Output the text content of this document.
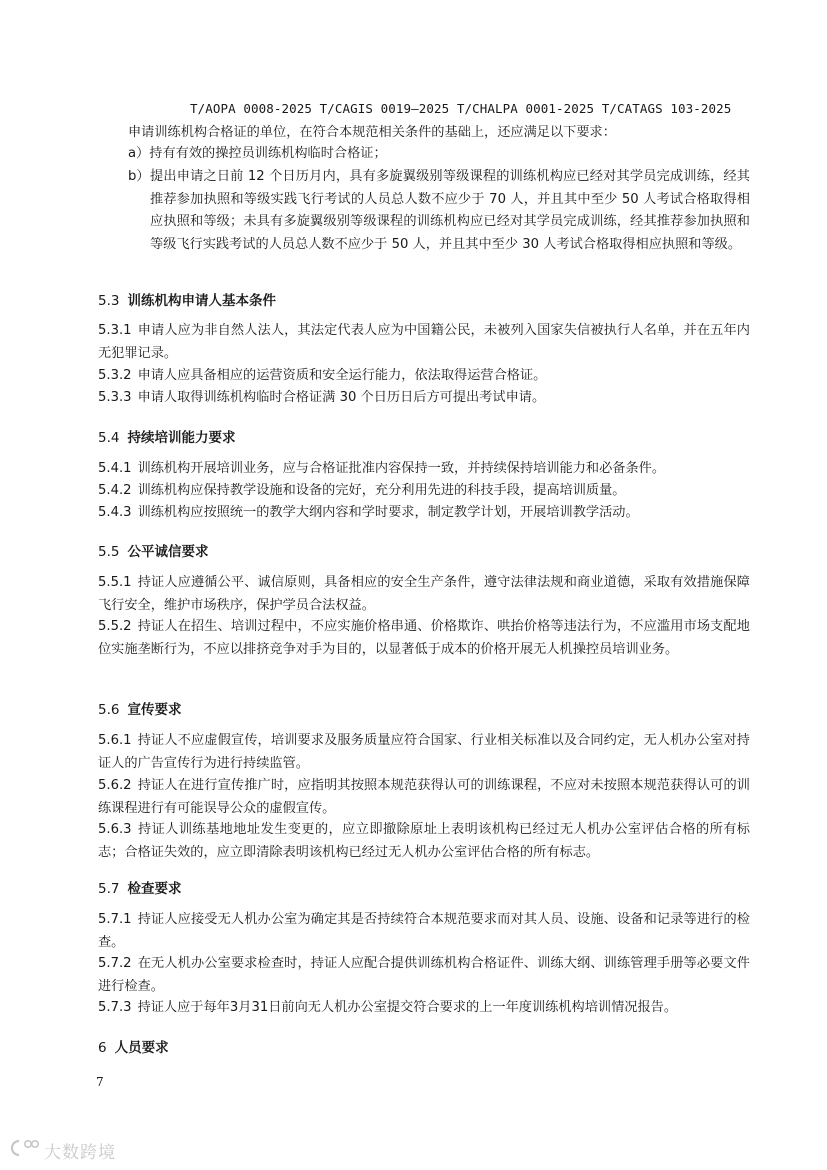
T/AOPA 0008-2025 T/CAGIS 0019—2025 T/CHALPA 0001-2025 T/CATAGS 103-2025
申请训练机构合格证的单位，在符合本规范相关条件的基础上，还应满足以下要求：
a）持有有效的操控员训练机构临时合格证；
b） 提出申请之日前 12 个日历月内，具有多旋翼级别等级课程的训练机构应已经对其学员完成训练，经其推荐参加执照和等级实践飞行考试的人员总人数不应少于 70 人，并且其中至少 50 人考试合格取得相应执照和等级；未具有多旋翼级别等级课程的训练机构应已经对其学员完成训练，经其推荐参加执照和等级飞行实践考试的人员总人数不应少于 50 人，并且其中至少 30 人考试合格取得相应执照和等级。
5.3 训练机构申请人基本条件
5.3.1 申请人应为非自然人法人，其法定代表人应为中国籍公民，未被列入国家失信被执行人名单，并在五年内无犯罪记录。
5.3.2 申请人应具备相应的运营资质和安全运行能力，依法取得运营合格证。
5.3.3 申请人取得训练机构临时合格证满 30 个日历日后方可提出考试申请。
5.4 持续培训能力要求
5.4.1 训练机构开展培训业务，应与合格证批准内容保持一致，并持续保持培训能力和必备条件。
5.4.2 训练机构应保持教学设施和设备的完好，充分利用先进的科技手段，提高培训质量。
5.4.3 训练机构应按照统一的教学大纲内容和学时要求，制定教学计划，开展培训教学活动。
5.5 公平诚信要求
5.5.1 持证人应遵循公平、诚信原则，具备相应的安全生产条件，遵守法律法规和商业道德，采取有效措施保障飞行安全，维护市场秩序，保护学员合法权益。
5.5.2 持证人在招生、培训过程中，不应实施价格串通、价格欺诈、哄抬价格等违法行为，不应滥用市场支配地位实施垄断行为，不应以排挤竞争对手为目的，以显著低于成本的价格开展无人机操控员培训业务。
5.6 宣传要求
5.6.1 持证人不应虚假宣传，培训要求及服务质量应符合国家、行业相关标准以及合同约定，无人机办公室对持证人的广告宣传行为进行持续监管。
5.6.2 持证人在进行宣传推广时，应指明其按照本规范获得认可的训练课程，不应对未按照本规范获得认可的训练课程进行有可能误导公众的虚假宣传。
5.6.3 持证人训练基地地址发生变更的，应立即撤除原址上表明该机构已经过无人机办公室评估合格的所有标志；合格证失效的，应立即清除表明该机构已经过无人机办公室评估合格的所有标志。
5.7 检查要求
5.7.1 持证人应接受无人机办公室为确定其是否持续符合本规范要求而对其人员、设施、设备和记录等进行的检查。
5.7.2 在无人机办公室要求检查时，持证人应配合提供训练机构合格证件、训练大纲、训练管理手册等必要文件进行检查。
5.7.3 持证人应于每年3月31日前向无人机办公室提交符合要求的上一年度训练机构培训情况报告。
6 人员要求
7
大数跨境
